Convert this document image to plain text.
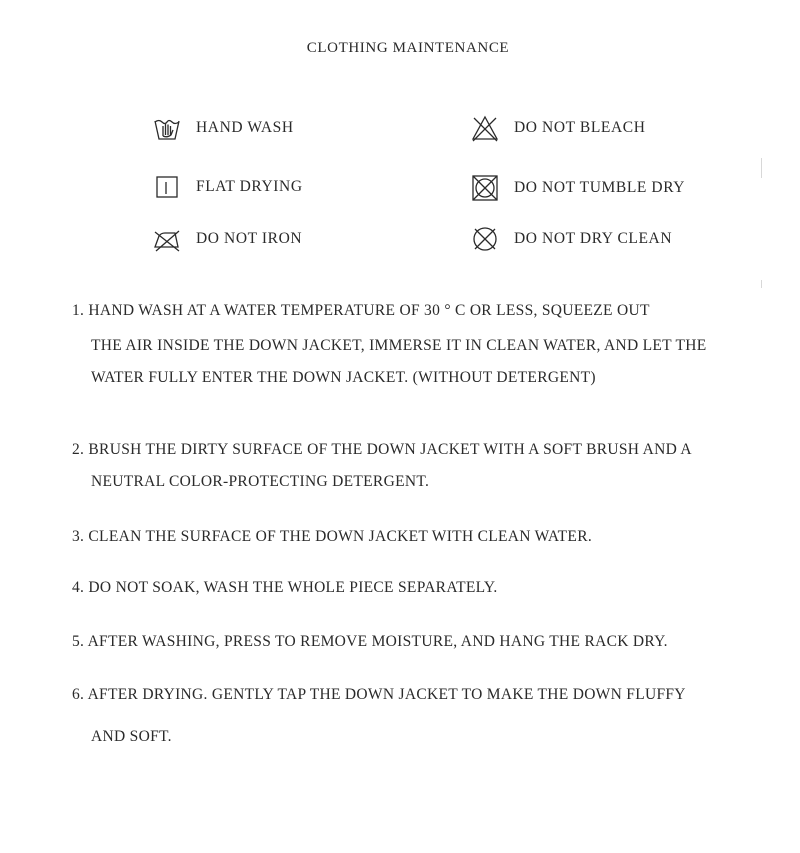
CLOTHING MAINTENANCE
HAND WASH	DO NOT BLEACH
FLAT DRYING	DO NOT TUMBLE DRY
DO NOT IRON	DO NOT DRY CLEAN
1. HAND WASH AT A WATER TEMPERATURE OF 30 ° C OR LESS, SQUEEZE OUT
THE AIR INSIDE THE DOWN JACKET, IMMERSE IT IN CLEAN WATER, AND LET THE
WATER FULLY ENTER THE DOWN JACKET. (WITHOUT DETERGENT)
2. BRUSH THE DIRTY SURFACE OF THE DOWN JACKET WITH A SOFT BRUSH AND A
NEUTRAL COLOR-PROTECTING DETERGENT.
3. CLEAN THE SURFACE OF THE DOWN JACKET WITH CLEAN WATER.
4. DO NOT SOAK, WASH THE WHOLE PIECE SEPARATELY.
5. AFTER WASHING, PRESS TO REMOVE MOISTURE, AND HANG THE RACK DRY.
6. AFTER DRYING. GENTLY TAP THE DOWN JACKET TO MAKE THE DOWN FLUFFY
AND SOFT.
